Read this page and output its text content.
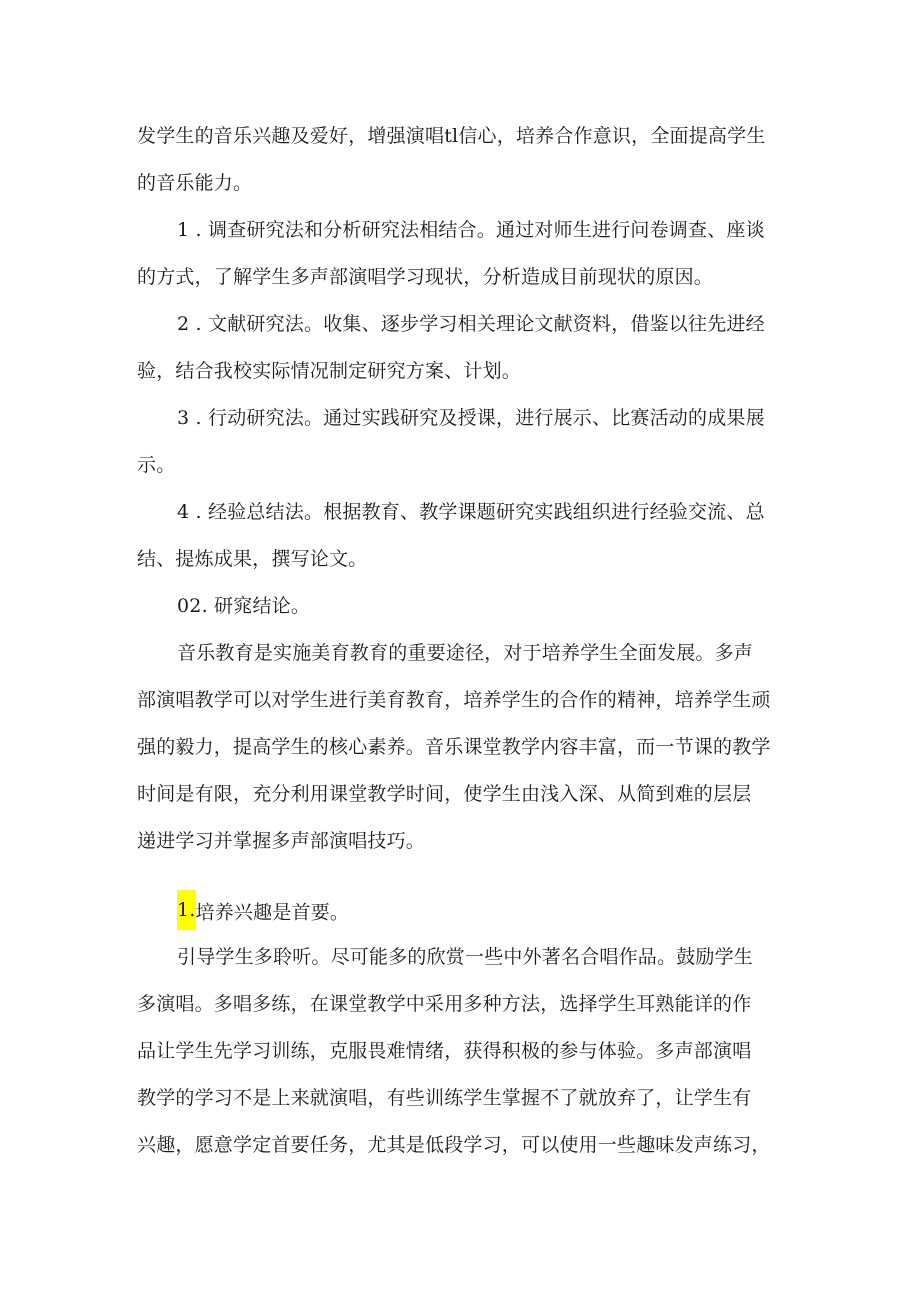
发学生的音乐兴趣及爱好，增强演唱tl信心，培养合作意识，全面提高学生
的音乐能力。
1 . 调查研究法和分析研究法相结合。通过对师生进行问卷调查、座谈
的方式，了解学生多声部演唱学习现状，分析造成目前现状的原因。
2 . 文献研究法。收集、逐步学习相关理论文献资料，借鉴以往先进经
验，结合我校实际情况制定研究方案、计划。
3 . 行动研究法。通过实践研究及授课，进行展示、比赛活动的成果展
示。
4 . 经验总结法。根据教育、教学课题研究实践组织进行经验交流、总
结、提炼成果，撰写论文。
02. 研窕结论。
音乐教育是实施美育教育的重要途径，对于培养学生全面发展。多声
部演唱教学可以对学生进行美育教育，培养学生的合作的精神，培养学生顽
强的毅力，提高学生的核心素养。音乐课堂教学内容丰富，而一节课的教学
时间是有限，充分利用课堂教学时间，使学生由浅入深、从简到难的层层
递进学习并掌握多声部演唱技巧。
1.培养兴趣是首要。
引导学生多聆听。尽可能多的欣赏一些中外著名合唱作品。鼓励学生
多演唱。多唱多练，在课堂教学中采用多种方法，选择学生耳熟能详的作
品让学生先学习训练，克服畏难情绪，获得积极的参与体验。多声部演唱
教学的学习不是上来就演唱，有些训练学生掌握不了就放弃了，让学生有
兴趣，愿意学定首要任务，尤其是低段学习，可以使用一些趣味发声练习，
